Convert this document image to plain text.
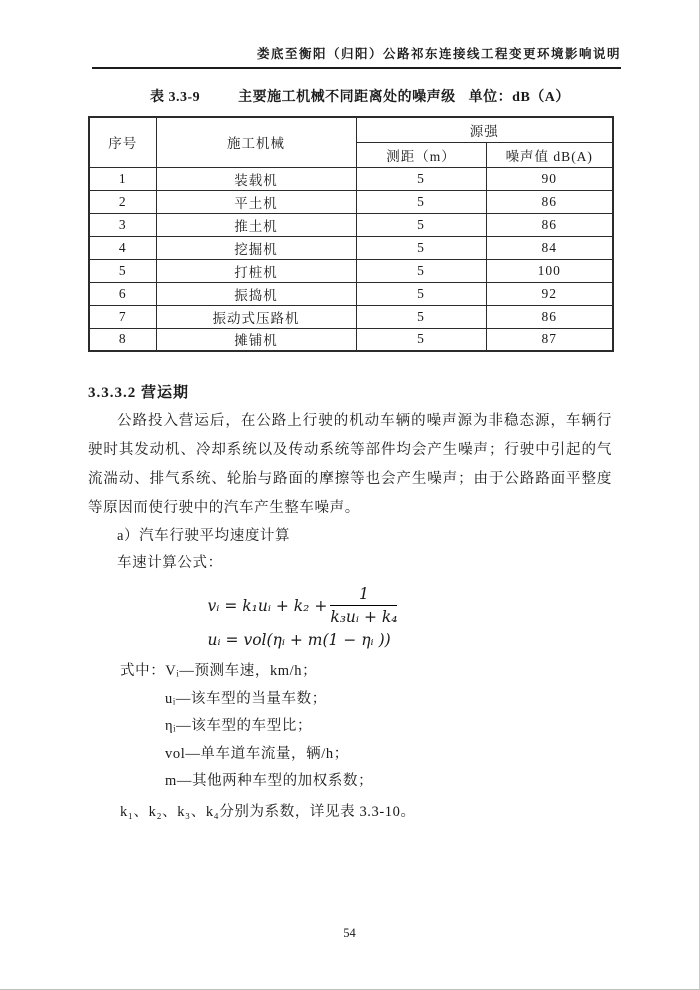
娄底至衡阳（归阳）公路祁东连接线工程变更环境影响说明
表 3.3-9	主要施工机械不同距离处的噪声级 单位：dB（A）
序号	施工机械	源强	
		测距（m）	噪声值 dB(A)
1	装载机	5	90
2	平土机	5	86
3	推土机	5	86
4	挖掘机	5	84
5	打桩机	5	100
6	振捣机	5	92
7	振动式压路机	5	86
8	摊铺机	5	87
3.3.3.2 营运期
公路投入营运后，在公路上行驶的机动车辆的噪声源为非稳态源，车辆行驶时其发动机、冷却系统以及传动系统等部件均会产生噪声；行驶中引起的气流湍动、排气系统、轮胎与路面的摩擦等也会产生噪声；由于公路路面平整度等原因而使行驶中的汽车产生整车噪声。
a）汽车行驶平均速度计算
车速计算公式：
vᵢ = k₁uᵢ + $k_2 + \frac{1}{\text{k₃uᵢ + k₄}}$
uᵢ = vol(ηᵢ + m(1 − ηᵢ ))
式中：Vᵢ—预测车速，km/h；
uᵢ—该车型的当量车数；
ηᵢ—该车型的车型比；
vol—单车道车流量，辆/h；
m—其他两种车型的加权系数；
k₁、k₂、k₃、k₄分别为系数，详见表 3.3-10。
54
